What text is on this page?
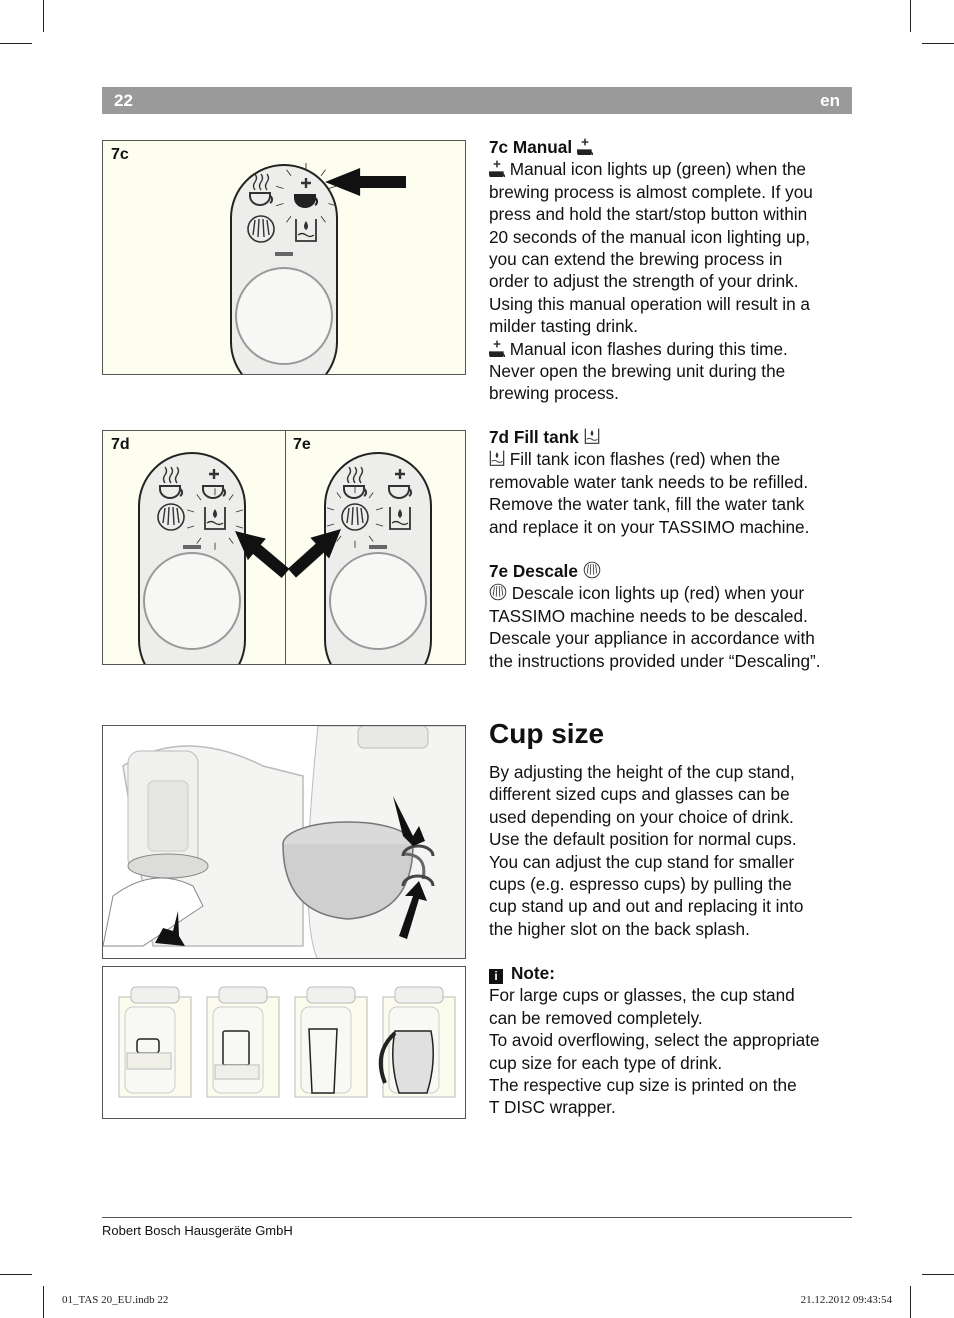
22	en
7c
7d	7e

7c Manual

Manual icon lights up (green) when the

brewing process is almost complete. If you

press and hold the start/stop button within

20 seconds of the manual icon lighting up,

you can extend the brewing process in

order to adjust the strength of your drink.

Using this manual operation will result in a

milder tasting drink.

Manual icon flashes during this time.

Never open the brewing unit during the

brewing process.

7d Fill tank

Fill tank icon flashes (red) when the

removable water tank needs to be refilled.

Remove the water tank, fill the water tank

and replace it on your TASSIMO machine.

7e Descale

Descale icon lights up (red) when your

TASSIMO machine needs to be descaled.

Descale your appliance in accordance with

the instructions provided under “Descaling”.

Cup size

By adjusting the height of the cup stand,

different sized cups and glasses can be

used depending on your choice of drink.

Use the default position for normal cups.

You can adjust the cup stand for smaller

cups (e.g. espresso cups) by pulling the

cup stand up and out and replacing it into

the higher slot on the back splash.

i Note:

For large cups or glasses, the cup stand

can be removed completely.

To avoid overflowing, select the appropriate

cup size for each type of drink.

The respective cup size is printed on the

T DISC wrapper.

Robert Bosch Hausgeräte GmbH
01_TAS 20_EU.indb 22	21.12.2012 09:43:54
